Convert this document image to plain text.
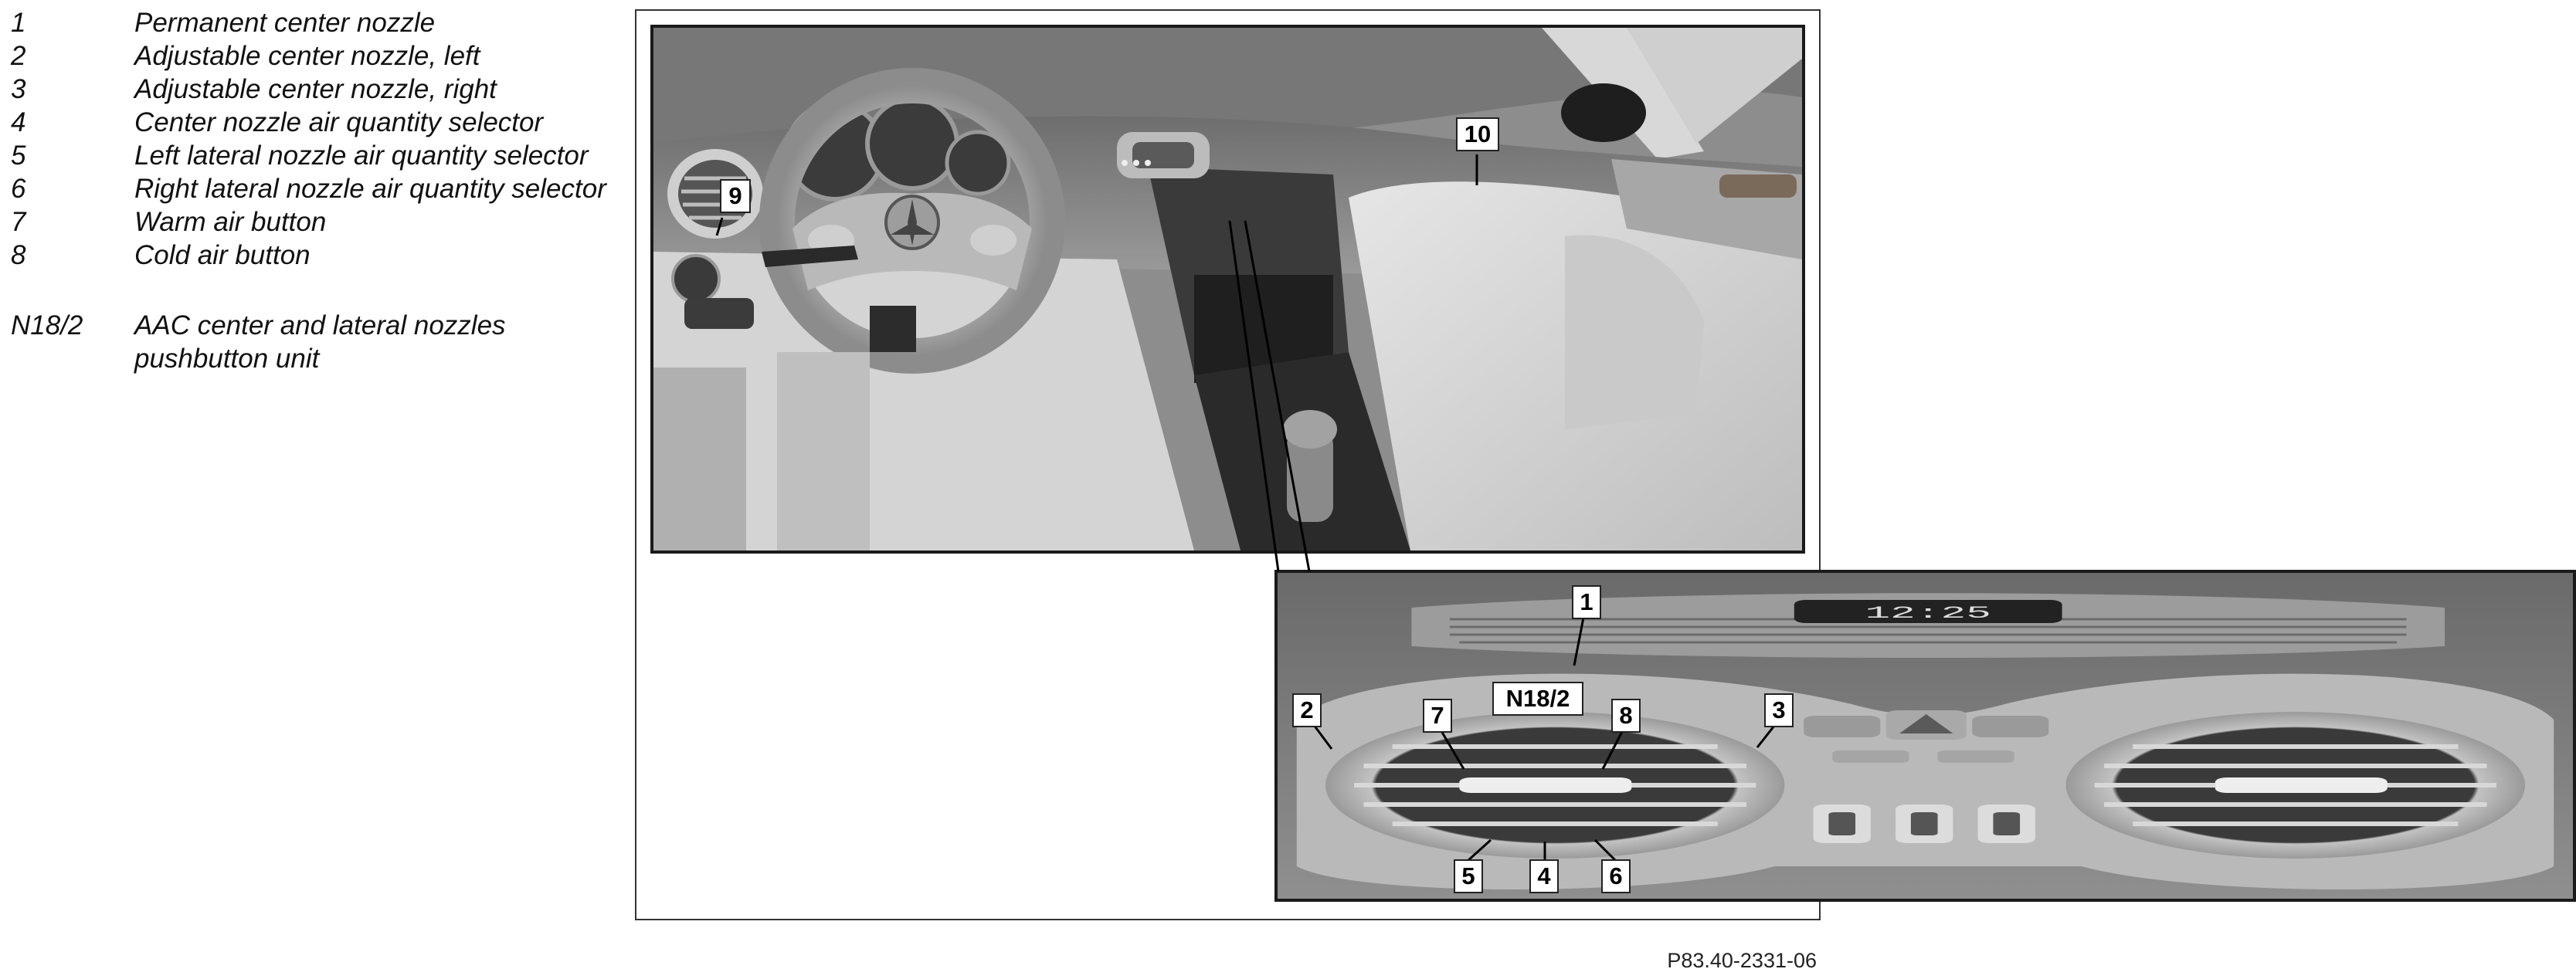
1	Permanent center nozzle
2	Adjustable center nozzle, left
3	Adjustable center nozzle, right
4	Center nozzle air quantity selector
5	Left lateral nozzle air quantity selector
6	Right lateral nozzle air quantity selector
7	Warm air button
8	Cold air button
N18/2	AAC center and lateral nozzles pushbutton unit
12:25
9
10
1
N18/2
2	3
7	8
5	4	6
P83.40-2331-06
